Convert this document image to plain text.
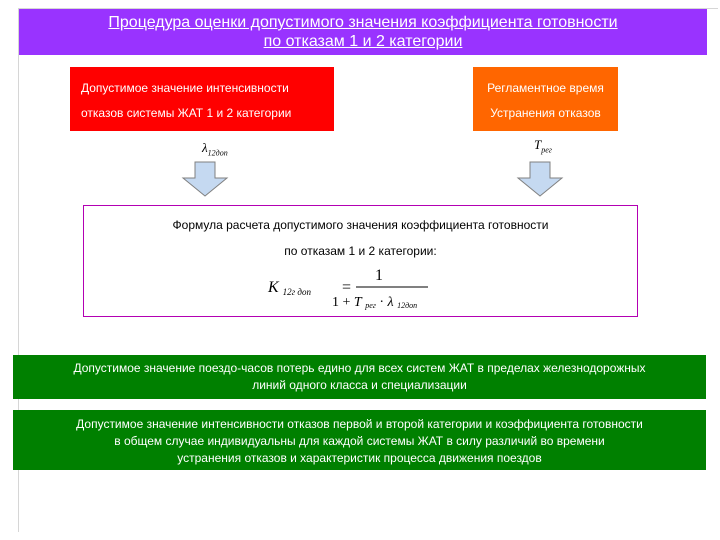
Процедура оценки допустимого значения коэффициента готовности
по отказам 1 и 2 категории
Допустимое значение интенсивности
отказов системы ЖАТ 1 и 2 категории
Регламентное время
Устранения отказов
$\lambda_{12доп}$
$T_{рег}$
Формула расчета допустимого значения коэффициента готовности
по отказам 1 и 2 категории:
K 12г доп =
1
1 + T рег · λ 12доп
Допустимое значение поездо-часов потерь едино для всех систем ЖАТ в пределах железнодорожных
линий одного класса и специализации
Допустимое значение интенсивности отказов первой и второй категории и коэффициента готовности
в общем случае индивидуальны для каждой системы ЖАТ в силу различий во времени
устранения отказов и характеристик процесса движения поездов
